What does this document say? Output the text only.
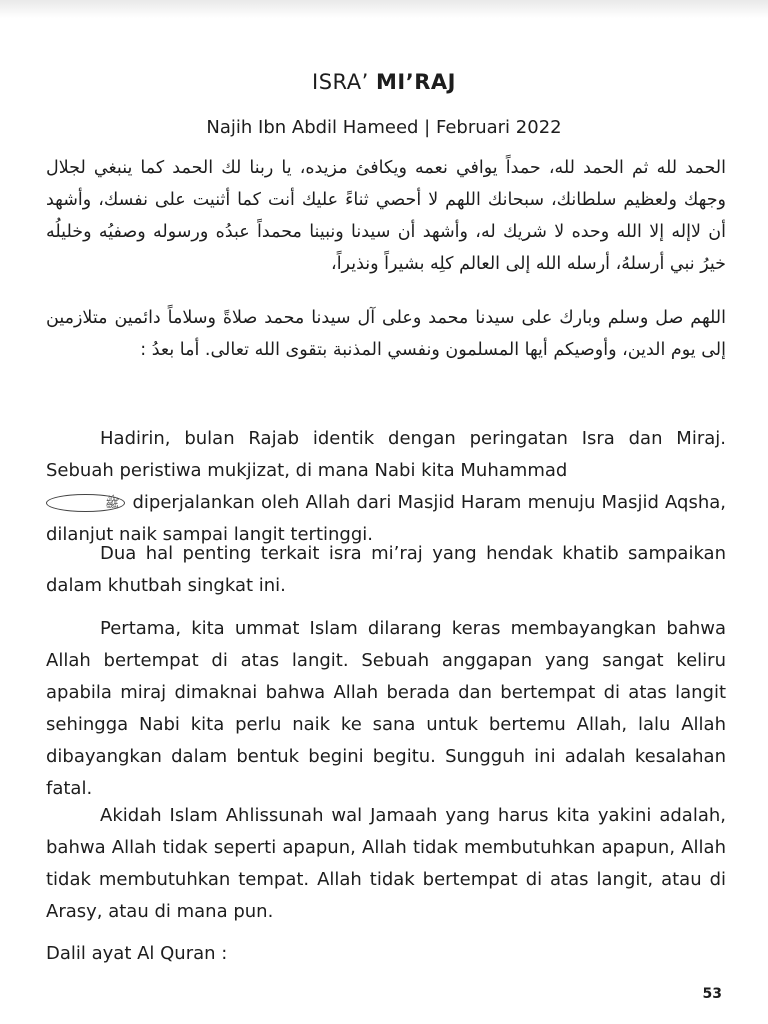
ISRA’ MI’RAJ
Najih Ibn Abdil Hameed | Februari 2022
الحمد لله ثم الحمد لله، حمداً يوافي نعمه ويكافئ مزيده، يا ربنا لك الحمد كما ينبغي لجلال وجهك ولعظيم سلطانك، سبحانك اللهم لا أحصي ثناءً عليك أنت كما أثنيت على نفسك، وأشهد أن لاإله إلا الله وحده لا شريك له، وأشهد أن سيدنا ونبينا محمداً عبدُه ورسوله وصفيُه وخليلُه خيرُ نبي أرسلهُ، أرسله الله إلى العالم كلِه بشيراً ونذيراً،
اللهم صل وسلم وبارك على سيدنا محمد وعلى آل سيدنا محمد صلاةً وسلاماً دائمين متلازمين إلى يوم الدين، وأوصيكم أيها المسلمون ونفسي المذنبة بتقوى الله تعالى. أما بعدُ :

Hadirin, bulan Rajab identik dengan peringatan Isra dan Miraj. Sebuah peristiwa mukjizat, di mana Nabi kita Muhammad
ﷺ diperjalankan oleh Allah dari Masjid Haram menuju Masjid Aqsha, dilanjut naik sampai langit tertinggi.

Dua hal penting terkait isra mi’raj yang hendak khatib sampaikan dalam khutbah singkat ini.

Pertama, kita ummat Islam dilarang keras membayangkan bahwa Allah bertempat di atas langit. Sebuah anggapan yang sangat keliru apabila miraj dimaknai bahwa Allah berada dan bertempat di atas langit sehingga Nabi kita perlu naik ke sana untuk bertemu Allah, lalu Allah dibayangkan dalam bentuk begini begitu. Sungguh ini adalah kesalahan fatal.

Akidah Islam Ahlissunah wal Jamaah yang harus kita yakini adalah, bahwa Allah tidak seperti apapun, Allah tidak membutuhkan apapun, Allah tidak membutuhkan tempat. Allah tidak bertempat di atas langit, atau di Arasy, atau di mana pun.

Dalil ayat Al Quran :

53
